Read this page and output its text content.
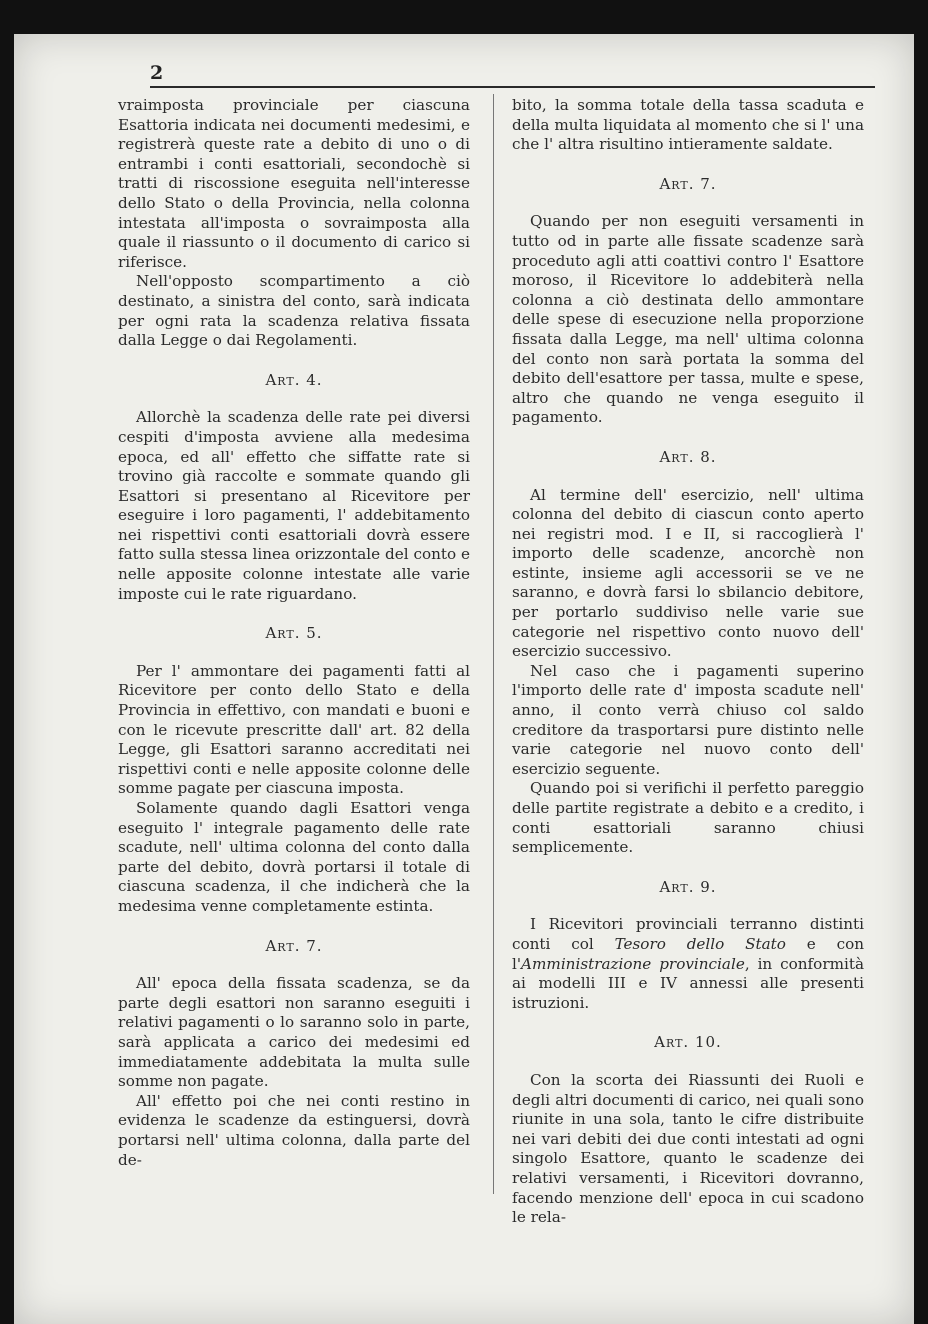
2

vraimposta provinciale per ciascuna Esattoria indicata nei documenti medesimi, e registrerà queste rate a debito di uno o di entrambi i conti esattoriali, secondochè si tratti di riscossione eseguita nell'interesse dello Stato o della Provincia, nella colonna intestata all'imposta o sovraimposta alla quale il riassunto o il documento di carico si riferisce.

Nell'opposto scompartimento a ciò destinato, a sinistra del conto, sarà indicata per ogni rata la scadenza relativa fissata dalla Legge o dai Regolamenti.

Art. 4.

Allorchè la scadenza delle rate pei diversi cespiti d'imposta avviene alla medesima epoca, ed all' effetto che siffatte rate si trovino già raccolte e sommate quando gli Esattori si presentano al Ricevitore per eseguire i loro pagamenti, l' addebitamento nei rispettivi conti esattoriali dovrà essere fatto sulla stessa linea orizzontale del conto e nelle apposite colonne intestate alle varie imposte cui le rate riguardano.

Art. 5.

Per l' ammontare dei pagamenti fatti al Ricevitore per conto dello Stato e della Provincia in effettivo, con mandati e buoni e con le ricevute prescritte dall' art. 82 della Legge, gli Esattori saranno accreditati nei rispettivi conti e nelle apposite colonne delle somme pagate per ciascuna imposta.

Solamente quando dagli Esattori venga eseguito l' integrale pagamento delle rate scadute, nell' ultima colonna del conto dalla parte del debito, dovrà portarsi il totale di ciascuna scadenza, il che indicherà che la medesima venne completamente estinta.

Art. 7.

All' epoca della fissata scadenza, se da parte degli esattori non saranno eseguiti i relativi pagamenti o lo saranno solo in parte, sarà applicata a carico dei medesimi ed immediatamente addebitata la multa sulle somme non pagate.

All' effetto poi che nei conti restino in evidenza le scadenze da estinguersi, dovrà portarsi nell' ultima colonna, dalla parte del de-

bito, la somma totale della tassa scaduta e della multa liquidata al momento che si l' una che l' altra risultino intieramente saldate.

Art. 7.

Quando per non eseguiti versamenti in tutto od in parte alle fissate scadenze sarà proceduto agli atti coattivi contro l' Esattore moroso, il Ricevitore lo addebiterà nella colonna a ciò destinata dello ammontare delle spese di esecuzione nella proporzione fissata dalla Legge, ma nell' ultima colonna del conto non sarà portata la somma del debito dell'esattore per tassa, multe e spese, altro che quando ne venga eseguito il pagamento.

Art. 8.

Al termine dell' esercizio, nell' ultima colonna del debito di ciascun conto aperto nei registri mod. I e II, si raccoglierà l' importo delle scadenze, ancorchè non estinte, insieme agli accessorii se ve ne saranno, e dovrà farsi lo sbilancio debitore, per portarlo suddiviso nelle varie sue categorie nel rispettivo conto nuovo dell' esercizio successivo.

Nel caso che i pagamenti superino l'importo delle rate d' imposta scadute nell' anno, il conto verrà chiuso col saldo creditore da trasportarsi pure distinto nelle varie categorie nel nuovo conto dell' esercizio seguente.

Quando poi si verifichi il perfetto pareggio delle partite registrate a debito e a credito, i conti esattoriali saranno chiusi semplicemente.

Art. 9.

I Ricevitori provinciali terranno distinti conti col Tesoro dello Stato e con l'Amministrazione provinciale, in conformità ai modelli III e IV annessi alle presenti istruzioni.

Art. 10.

Con la scorta dei Riassunti dei Ruoli e degli altri documenti di carico, nei quali sono riunite in una sola, tanto le cifre distribuite nei vari debiti dei due conti intestati ad ogni singolo Esattore, quanto le scadenze dei relativi versamenti, i Ricevitori dovranno, facendo menzione dell' epoca in cui scadono le rela-
